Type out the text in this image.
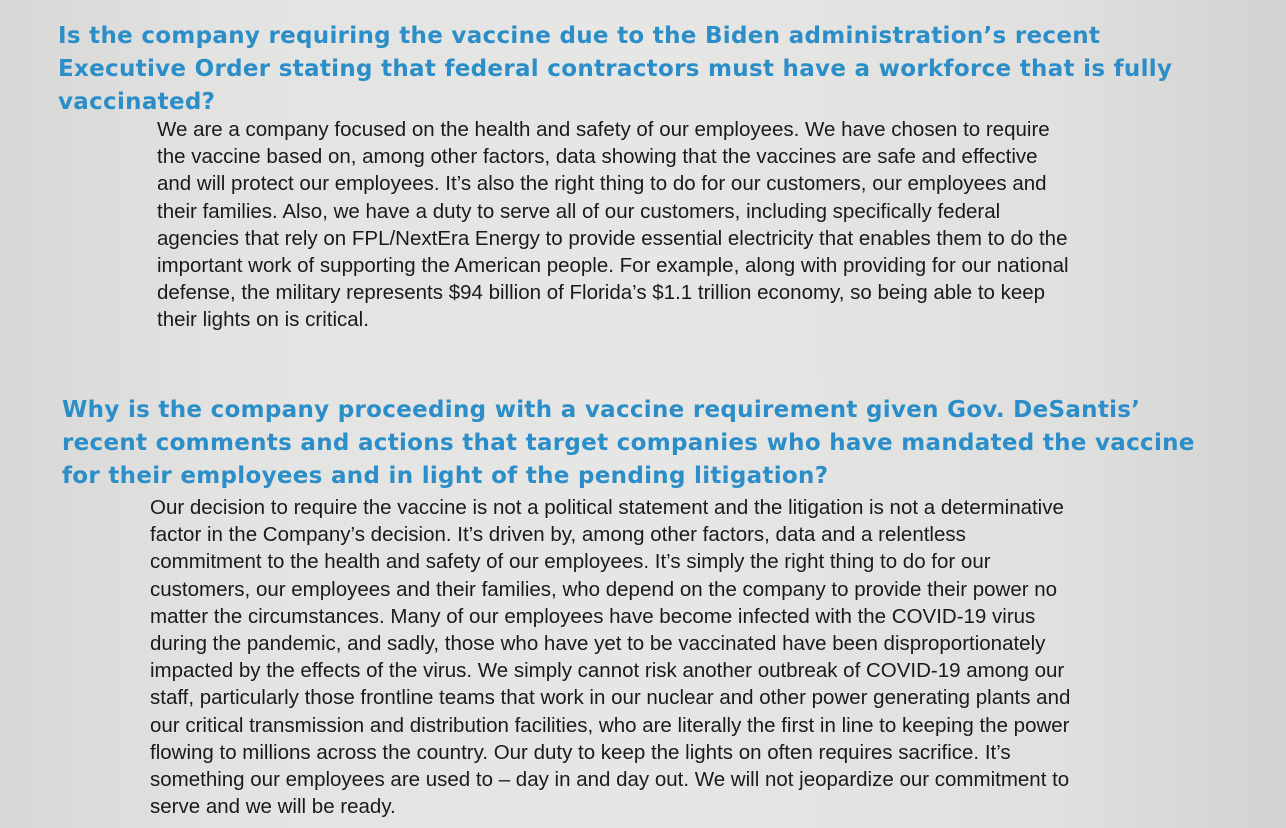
Is the company requiring the vaccine due to the Biden administration’s recent
Executive Order stating that federal contractors must have a workforce that is fully
vaccinated?
We are a company focused on the health and safety of our employees. We have chosen to require
the vaccine based on, among other factors, data showing that the vaccines are safe and effective
and will protect our employees. It’s also the right thing to do for our customers, our employees and
their families. Also, we have a duty to serve all of our customers, including specifically federal
agencies that rely on FPL/NextEra Energy to provide essential electricity that enables them to do the
important work of supporting the American people. For example, along with providing for our national
defense, the military represents $94 billion of Florida’s $1.1 trillion economy, so being able to keep
their lights on is critical.
Why is the company proceeding with a vaccine requirement given Gov. DeSantis’
recent comments and actions that target companies who have mandated the vaccine
for their employees and in light of the pending litigation?
Our decision to require the vaccine is not a political statement and the litigation is not a determinative
factor in the Company’s decision. It’s driven by, among other factors, data and a relentless
commitment to the health and safety of our employees. It’s simply the right thing to do for our
customers, our employees and their families, who depend on the company to provide their power no
matter the circumstances. Many of our employees have become infected with the COVID-19 virus
during the pandemic, and sadly, those who have yet to be vaccinated have been disproportionately
impacted by the effects of the virus. We simply cannot risk another outbreak of COVID-19 among our
staff, particularly those frontline teams that work in our nuclear and other power generating plants and
our critical transmission and distribution facilities, who are literally the first in line to keeping the power
flowing to millions across the country. Our duty to keep the lights on often requires sacrifice. It’s
something our employees are used to – day in and day out. We will not jeopardize our commitment to
serve and we will be ready.
